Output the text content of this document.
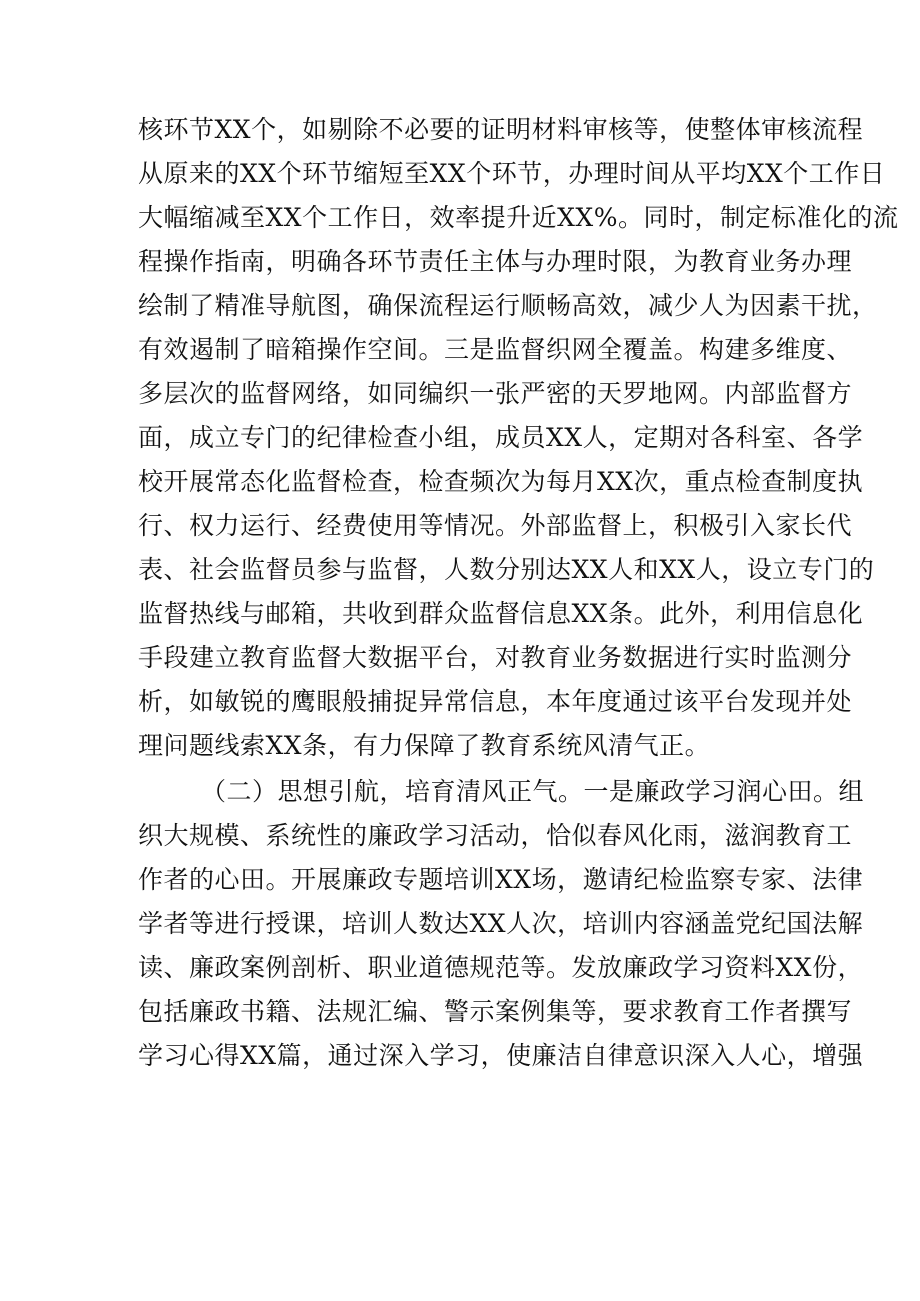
核环节XX个，如剔除不必要的证明材料审核等，使整体审核流程

从原来的XX个环节缩短至XX个环节，办理时间从平均XX个工作日

大幅缩减至XX个工作日，效率提升近XX%。同时，制定标准化的流

程操作指南，明确各环节责任主体与办理时限，为教育业务办理

绘制了精准导航图，确保流程运行顺畅高效，减少人为因素干扰，

有效遏制了暗箱操作空间。三是监督织网全覆盖。构建多维度、

多层次的监督网络，如同编织一张严密的天罗地网。内部监督方

面，成立专门的纪律检查小组，成员XX人，定期对各科室、各学

校开展常态化监督检查，检查频次为每月XX次，重点检查制度执

行、权力运行、经费使用等情况。外部监督上，积极引入家长代

表、社会监督员参与监督，人数分别达XX人和XX人，设立专门的

监督热线与邮箱，共收到群众监督信息XX条。此外，利用信息化

手段建立教育监督大数据平台，对教育业务数据进行实时监测分

析，如敏锐的鹰眼般捕捉异常信息，本年度通过该平台发现并处

理问题线索XX条，有力保障了教育系统风清气正。

（二）思想引航，培育清风正气。一是廉政学习润心田。组

织大规模、系统性的廉政学习活动，恰似春风化雨，滋润教育工

作者的心田。开展廉政专题培训XX场，邀请纪检监察专家、法律

学者等进行授课，培训人数达XX人次，培训内容涵盖党纪国法解

读、廉政案例剖析、职业道德规范等。发放廉政学习资料XX份，

包括廉政书籍、法规汇编、警示案例集等，要求教育工作者撰写

学习心得XX篇，通过深入学习，使廉洁自律意识深入人心，增强
